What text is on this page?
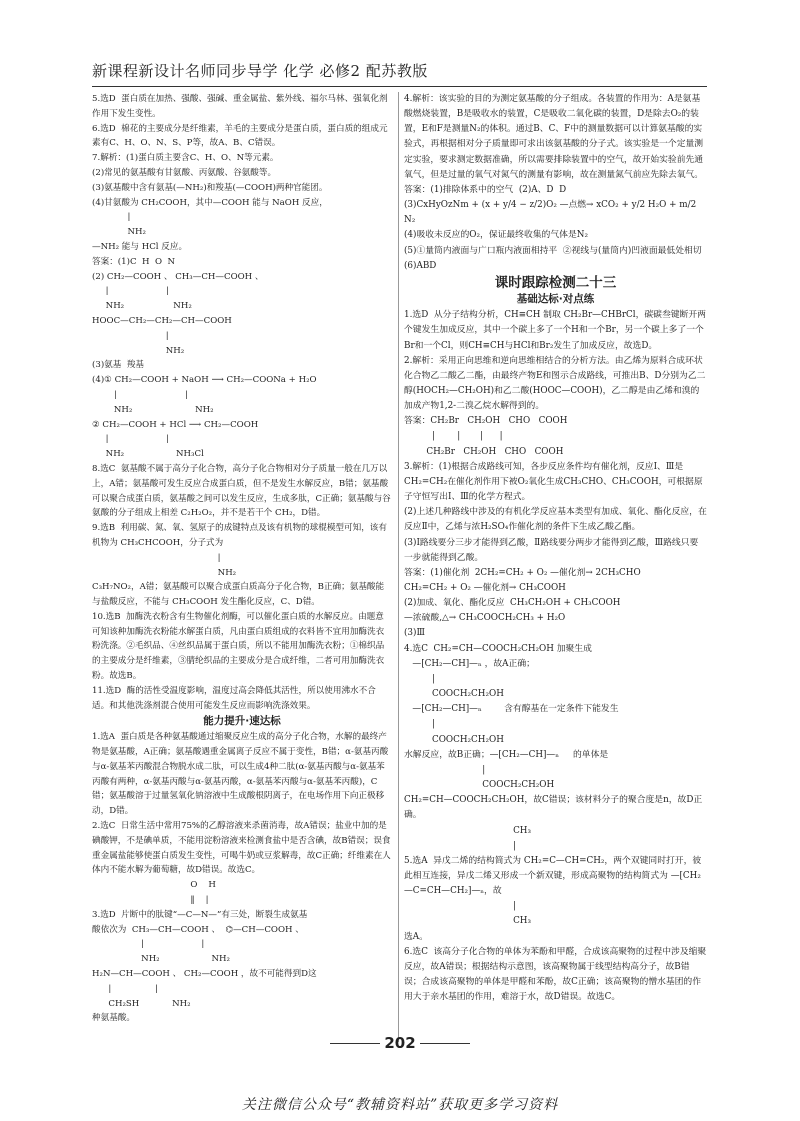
新课程新设计名师同步导学 化学 必修2 配苏教版

5.选D  蛋白质在加热、强酸、强碱、重金属盐、紫外线、福尔马林、强氧化剂作用下发生变性。

6.选D  棉花的主要成分是纤维素，羊毛的主要成分是蛋白质，蛋白质的组成元素有C、H、O、N、S、P等，故A、B、C错误。

7.解析：(1)蛋白质主要含C、H、O、N等元素。

(2)常见的氨基酸有甘氨酸、丙氨酸、谷氨酸等。

(3)氨基酸中含有氨基(—NH₂)和羧基(—COOH)两种官能团。

(4)甘氨酸为 CH₂COOH，其中—COOH 能与 NaOH 反应，

|
NH₂

—NH₂ 能与 HCl 反应。

答案：(1)C  H  O  N

(2) CH₂—COOH 、 CH₃—CH—COOH 、
|                     |
NH₂                  NH₂

HOOC—CH₂—CH₂—CH—COOH
|
NH₂

(3)氨基  羧基

(4)① CH₂—COOH + NaOH ⟶ CH₂—COONa + H₂O
|                         |
NH₂                       NH₂

② CH₂—COOH + HCl ⟶ CH₂—COOH
|                     |
NH₂                   NH₃Cl

8.选C  氨基酸不属于高分子化合物，高分子化合物相对分子质量一般在几万以上，A错；氨基酸可发生反应合成蛋白质，但不是发生水解反应，B错；氨基酸可以聚合成蛋白质，氨基酸之间可以发生反应，生成多肽，C正确；氨基酸与谷氨酸的分子组成上相差 C₂H₂O₂，并不是若干个 CH₂，D错。

9.选B  利用碳、氮、氧、氢原子的成键特点及该有机物的球棍模型可知，该有机物为 CH₃CHCOOH，分子式为
|
NH₂

C₃H₇NO₂，A错；氨基酸可以聚合成蛋白质高分子化合物，B正确；氨基酸能与盐酸反应，不能与 CH₃COOH 发生酯化反应，C、D错。

10.选B  加酶洗衣粉含有生物催化剂酶，可以催化蛋白质的水解反应。由题意可知该种加酶洗衣粉能水解蛋白质，凡由蛋白质组成的衣料皆不宜用加酶洗衣粉洗涤。②毛织品、④丝织品属于蛋白质，所以不能用加酶洗衣粉；①棉织品的主要成分是纤维素，③腈纶织品的主要成分是合成纤维，二者可用加酶洗衣粉。故选B。

11.选D  酶的活性受温度影响，温度过高会降低其活性，所以使用沸水不合适。和其他洗涤剂混合使用可能发生反应而影响洗涤效果。

能力提升·速达标

1.选A  蛋白质是各种氨基酸通过缩聚反应生成的高分子化合物，水解的最终产物是氨基酸，A正确；氨基酸遇重金属离子反应不属于变性，B错；α-氨基丙酸与α-氨基苯丙酸混合物脱水成二肽，可以生成4种二肽(α-氨基丙酸与α-氨基苯丙酸有两种，α-氨基丙酸与α-氨基丙酸，α-氨基苯丙酸与α-氨基苯丙酸)，C错；氨基酸溶于过量氢氧化钠溶液中生成酸根阴离子，在电场作用下向正极移动，D错。

2.选C  日常生活中常用75%的乙醇溶液来杀菌消毒，故A错误；盐业中加的是碘酸钾，不是碘单质，不能用淀粉溶液来检测食盐中是否含碘，故B错误；误食重金属盐能够使蛋白质发生变性，可喝牛奶或豆浆解毒，故C正确；纤维素在人体内不能水解为葡萄糖，故D错误。故选C。

O    H
‖    |
3.选D  片断中的肽键“—C—N—”有三处，断裂生成氨基

酸依次为  CH₃—CH—COOH 、  ⌬—CH—COOH 、
|                     |
NH₂                   NH₂

H₂N—CH—COOH 、 CH₂—COOH ，故不可能得到D这
|                |
CH₂SH            NH₂

种氨基酸。

4.解析：该实验的目的为测定氨基酸的分子组成。各装置的作用为：A是氨基酸燃烧装置，B是吸收水的装置，C是吸收二氧化碳的装置，D是除去O₂的装置，E和F是测量N₂的体积。通过B、C、F中的测量数据可以计算氨基酸的实验式，再根据相对分子质量即可求出该氨基酸的分子式。该实验是一个定量测定实验，要求测定数据准确，所以需要排除装置中的空气，故开始实验前先通氧气，但是过量的氧气对氮气的测量有影响，故在测量氮气前应先除去氧气。

答案：(1)排除体系中的空气  (2)A、D  D

(3)CxHyOzNm + (x + y/4 − z/2)O₂ —点燃→ xCO₂ + y/2 H₂O + m/2 N₂

(4)吸收未反应的O₂，保证最终收集的气体是N₂

(5)①量筒内液面与广口瓶内液面相持平  ②视线与(量筒内)凹液面最低处相切  (6)ABD

课时跟踪检测二十三

基础达标·对点练

1.选D  从分子结构分析，CH≡CH 制取 CH₂Br—CHBrCl，碳碳叁键断开两个键发生加成反应，其中一个碳上多了一个H和一个Br，另一个碳上多了一个Br和一个Cl，则CH≡CH与HCl和Br₂发生了加成反应，故选D。

2.解析：采用正向思维和逆向思维相结合的分析方法。由乙烯为原料合成环状化合物乙二酸乙二酯，由最终产物E和图示合成路线，可推出B、D分别为乙二醇(HOCH₂—CH₂OH)和乙二酸(HOOC—COOH)，乙二醇是由乙烯和溴的加成产物1,2-二溴乙烷水解得到的。

答案：CH₂Br   CH₂OH   CHO   COOH
|        |       |      |
CH₂Br   CH₂OH   CHO   COOH

3.解析：(1)根据合成路线可知，各步反应条件均有催化剂，反应Ⅰ、Ⅲ是CH₂=CH₂在催化剂作用下被O₂氧化生成CH₃CHO、CH₃COOH，可根据原子守恒写出Ⅰ、Ⅲ的化学方程式。

(2)上述几种路线中涉及的有机化学反应基本类型有加成、氧化、酯化反应，在反应Ⅱ中，乙烯与浓H₂SO₄作催化剂的条件下生成乙酸乙酯。

(3)Ⅰ路线要分三步才能得到乙酸，Ⅱ路线要分两步才能得到乙酸，Ⅲ路线只要一步就能得到乙酸。

答案：(1)催化剂  2CH₂=CH₂ + O₂ —催化剂→ 2CH₃CHO

CH₂=CH₂ + O₂ —催化剂→ CH₃COOH

(2)加成、氧化、酯化反应  CH₃CH₂OH + CH₃COOH

—浓硫酸,△→ CH₃COOCH₂CH₃ + H₂O

(3)Ⅲ

4.选C  CH₂=CH—COOCH₂CH₂OH 加聚生成
—[CH₂—CH]—ₙ ，故A正确；
|
COOCH₂CH₂OH

—[CH₂—CH]—ₙ        含有醇基在一定条件下能发生
|
COOCH₂CH₂OH

水解反应，故B正确；—[CH₂—CH]—ₙ     的单体是
|
COOCH₂CH₂OH

CH₂=CH—COOCH₂CH₂OH，故C错误；该材料分子的聚合度是n，故D正确。

CH₃
|
5.选A  异戊二烯的结构简式为 CH₂=C—CH=CH₂，两个双键同时打开，彼此相互连接，异戊二烯又形成一个新双键，形成高聚物的结构简式为 —[CH₂—C=CH—CH₂]—ₙ，故
|
CH₃

选A。

6.选C  该高分子化合物的单体为苯酚和甲醛，合成该高聚物的过程中涉及缩聚反应，故A错误；根据结构示意图，该高聚物属于线型结构高分子，故B错误；合成该高聚物的单体是甲醛和苯酚，故C正确；该高聚物的憎水基团的作用大于亲水基团的作用，难溶于水，故D错误。故选C。

202
关注微信公众号“教辅资料站”获取更多学习资料
